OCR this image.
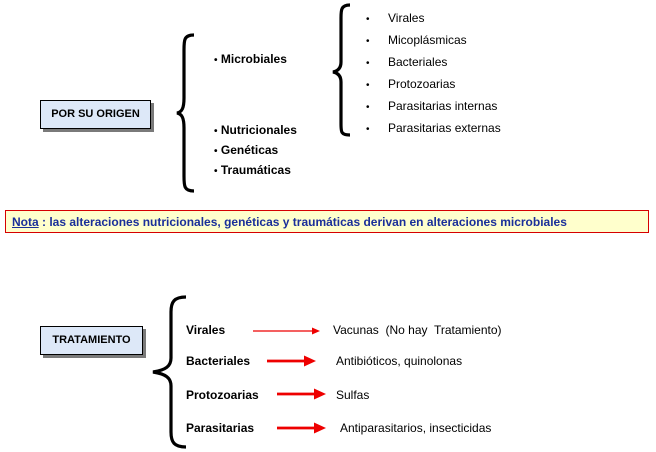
POR SU ORIGEN
• Microbiales
• Nutricionales
• Genéticas
• Traumáticas
• Virales
• Micoplásmicas
• Bacteriales
• Protozoarias
• Parasitarias internas
• Parasitarias externas
Nota : las alteraciones nutricionales, genéticas y traumáticas derivan en alteraciones microbiales
TRATAMIENTO
Virales
Bacteriales
Protozoarias
Parasitarias
Vacunas  (No hay  Tratamiento)
Antibióticos, quinolonas
Sulfas
Antiparasitarios, insecticidas
